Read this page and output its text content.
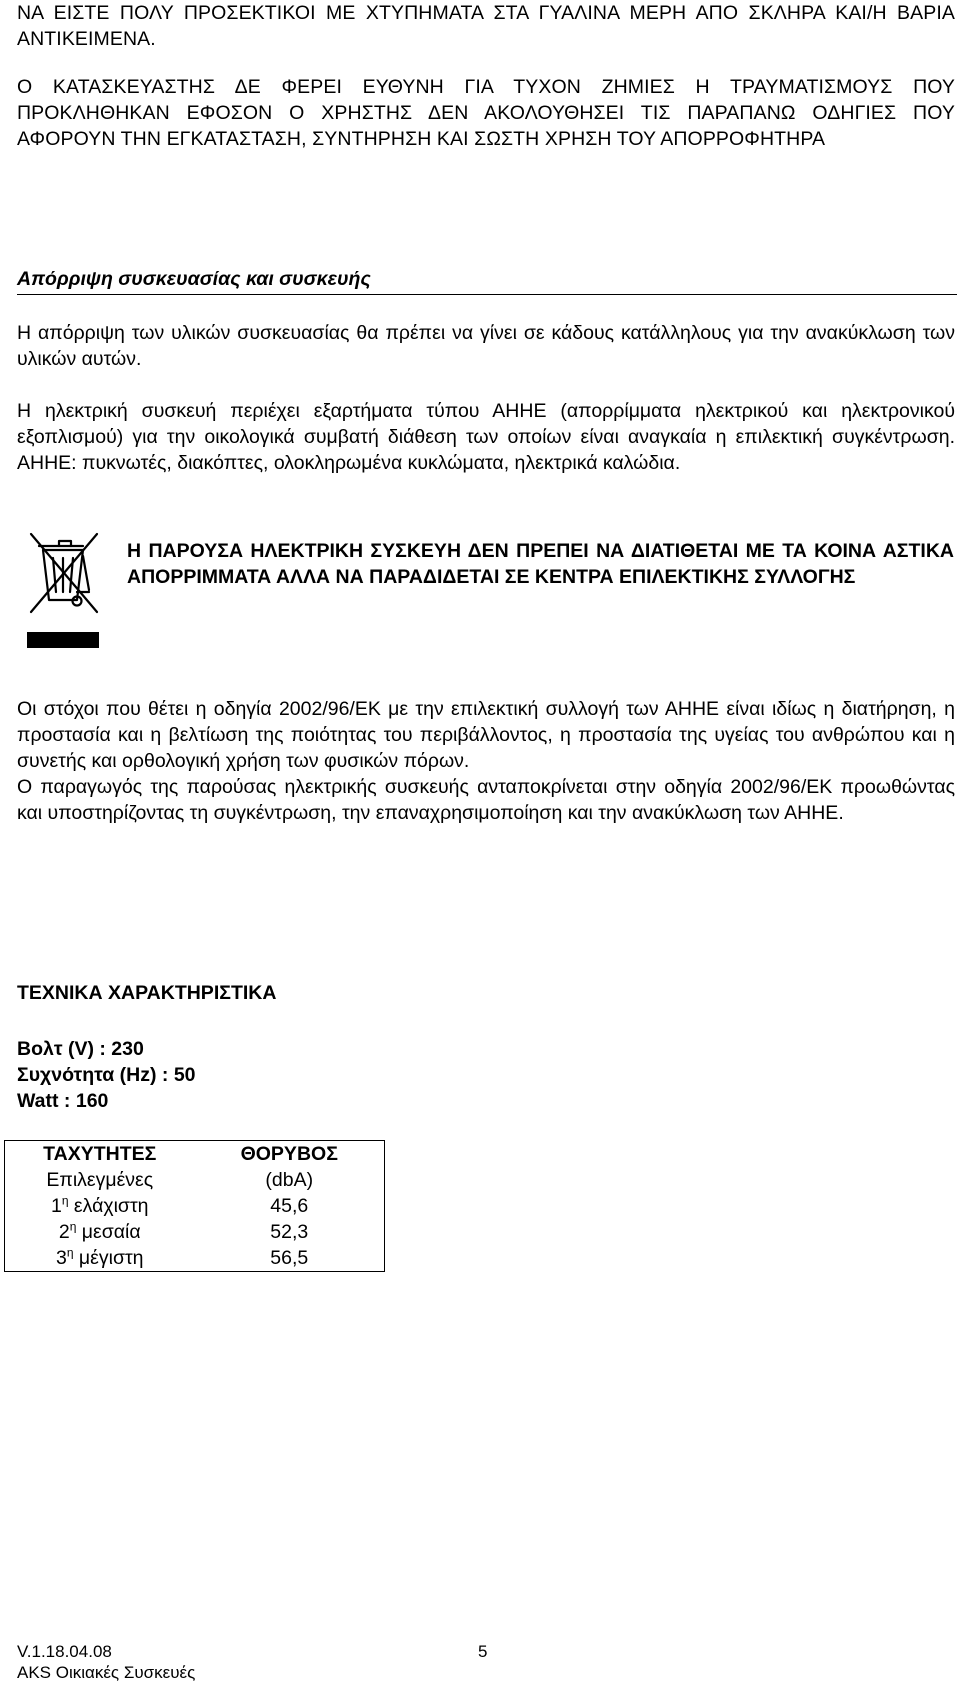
ΝΑ ΕΙΣΤΕ ΠΟΛΥ ΠΡΟΣΕΚΤΙΚΟΙ ΜΕ ΧΤΥΠΗΜΑΤΑ ΣΤΑ ΓΥΑΛΙΝΑ ΜΕΡΗ ΑΠΟ ΣΚΛΗΡΑ ΚΑΙ/Η ΒΑΡΙΑ ΑΝΤΙΚΕΙΜΕΝΑ.
Ο ΚΑΤΑΣΚΕΥΑΣΤΗΣ ΔΕ ΦΕΡΕΙ ΕΥΘΥΝΗ ΓΙΑ ΤΥΧΟΝ ΖΗΜΙΕΣ Η ΤΡΑΥΜΑΤΙΣΜΟΥΣ ΠΟΥ ΠΡΟΚΛΗΘΗΚΑΝ ΕΦΟΣΟΝ Ο ΧΡΗΣΤΗΣ ΔΕΝ ΑΚΟΛΟΥΘΗΣΕΙ ΤΙΣ ΠΑΡΑΠΑΝΩ ΟΔΗΓΙΕΣ ΠΟΥ ΑΦΟΡΟΥΝ ΤΗΝ ΕΓΚΑΤΑΣΤΑΣΗ, ΣΥΝΤΗΡΗΣΗ ΚΑΙ ΣΩΣΤΗ ΧΡΗΣΗ ΤΟΥ ΑΠΟΡΡΟΦΗΤΗΡΑ
Απόρριψη συσκευασίας και συσκευής
Η απόρριψη των υλικών συσκευασίας θα πρέπει να γίνει σε κάδους κατάλληλους για την ανακύκλωση των υλικών αυτών.
Η ηλεκτρική συσκευή περιέχει εξαρτήματα τύπου ΑΗΗΕ (απορρίμματα ηλεκτρικού και ηλεκτρονικού εξοπλισμού) για την οικολογικά συμβατή διάθεση των οποίων είναι αναγκαία η επιλεκτική συγκέντρωση. ΑΗΗΕ: πυκνωτές, διακόπτες, ολοκληρωμένα κυκλώματα, ηλεκτρικά καλώδια.
Η ΠΑΡΟΥΣΑ ΗΛΕΚΤΡΙΚΗ ΣΥΣΚΕΥΗ ΔΕΝ ΠΡΕΠΕΙ ΝΑ ΔΙΑΤΙΘΕΤΑΙ ΜΕ ΤΑ ΚΟΙΝΑ ΑΣΤΙΚΑ ΑΠΟΡΡΙΜΜΑΤΑ ΑΛΛΑ ΝΑ ΠΑΡΑΔΙΔΕΤΑΙ ΣΕ ΚΕΝΤΡΑ ΕΠΙΛΕΚΤΙΚΗΣ ΣΥΛΛΟΓΗΣ
Οι στόχοι που θέτει η οδηγία 2002/96/ΕΚ με την επιλεκτική συλλογή των ΑΗΗΕ είναι ιδίως η διατήρηση, η προστασία και η βελτίωση της ποιότητας του περιβάλλοντος, η προστασία της υγείας του ανθρώπου και η συνετής και ορθολογική χρήση των φυσικών πόρων.
Ο παραγωγός της παρούσας ηλεκτρικής συσκευής ανταποκρίνεται στην οδηγία 2002/96/ΕΚ προωθώντας και υποστηρίζοντας τη συγκέντρωση, την επαναχρησιμοποίηση και την ανακύκλωση των ΑΗΗΕ.
ΤΕΧΝΙΚΑ ΧΑΡΑΚΤΗΡΙΣΤΙΚΑ
Βολτ (V) : 230
Συχνότητα (Hz) : 50
Watt : 160
ΤΑΧΥΤΗΤΕΣ	ΘΟΡΥΒΟΣ
Επιλεγμένες	(dbA)
$1^\eta$ ελάχιστη	45,6
$2^\eta$ μεσαία	52,3
$3^\eta$ μέγιστη	56,5
V.1.18.04.08
AKS Οικιακές Συσκευές
5
